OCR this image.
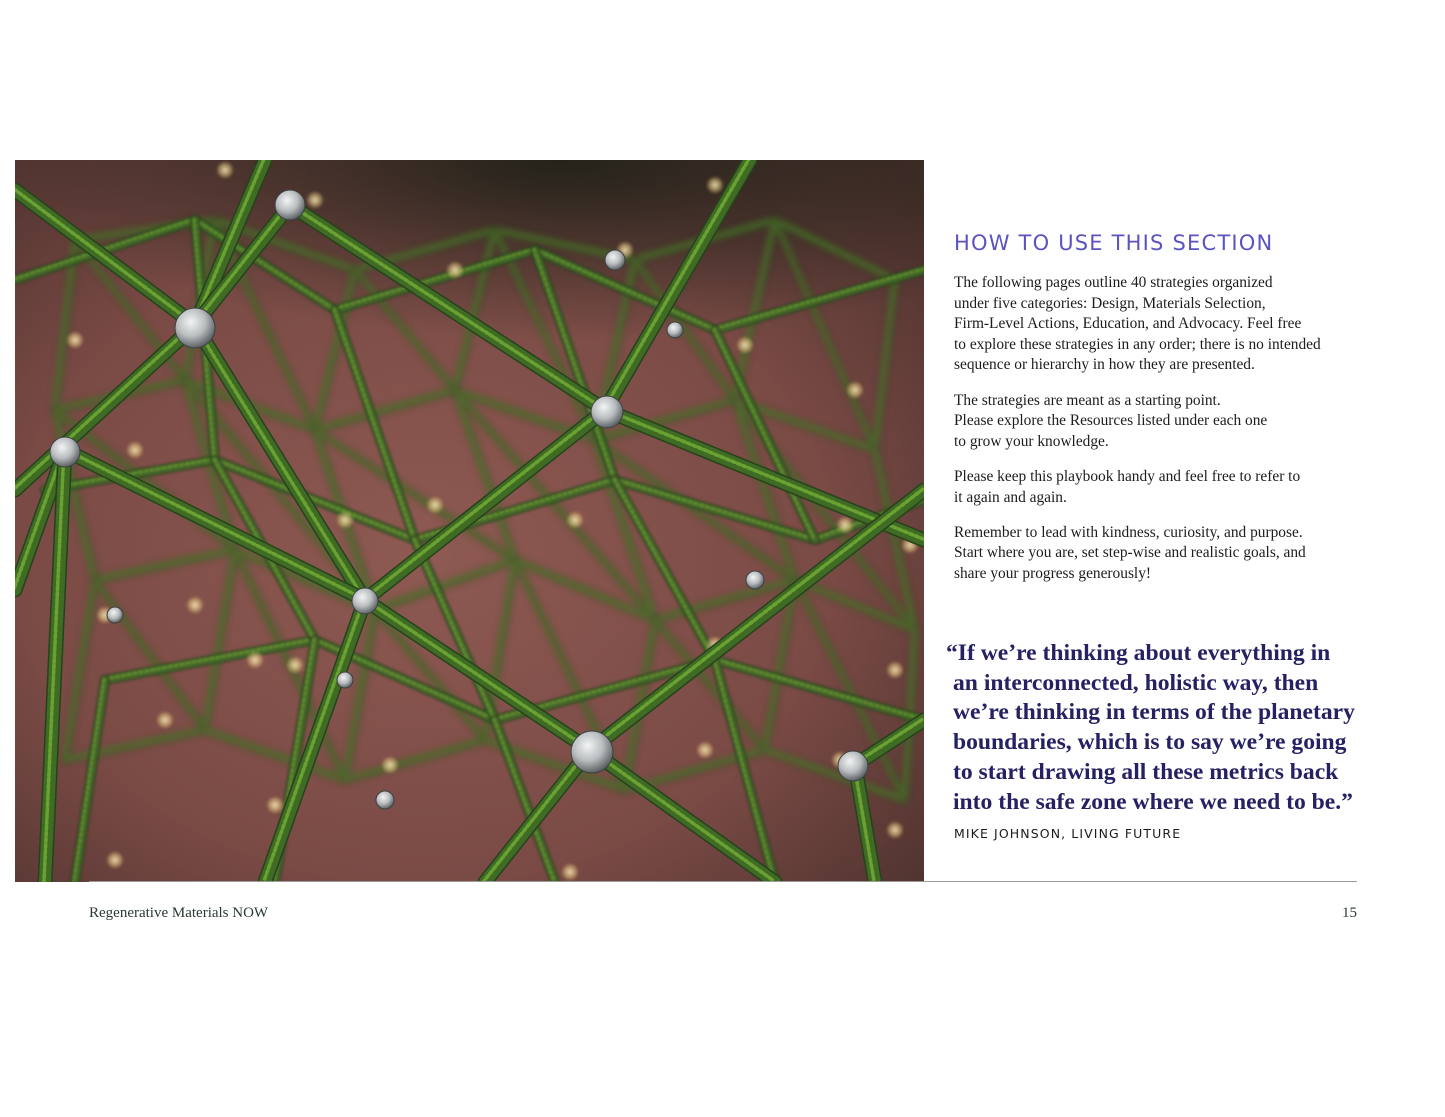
HOW TO USE THIS SECTION

The following pages outline 40 strategies organized
under five categories: Design, Materials Selection,
Firm-Level Actions, Education, and Advocacy. Feel free
to explore these strategies in any order; there is no intended
sequence or hierarchy in how they are presented.

The strategies are meant as a starting point.
Please explore the Resources listed under each one
to grow your knowledge.

Please keep this playbook handy and feel free to refer to
it again and again.

Remember to lead with kindness, curiosity, and purpose.
Start where you are, set step-wise and realistic goals, and
share your progress generously!

“If we’re thinking about everything in
an interconnected, holistic way, then
we’re thinking in terms of the planetary
boundaries, which is to say we’re going
to start drawing all these metrics back
into the safe zone where we need to be.”
MIKE JOHNSON, LIVING FUTURE
Regenerative Materials NOW	15
